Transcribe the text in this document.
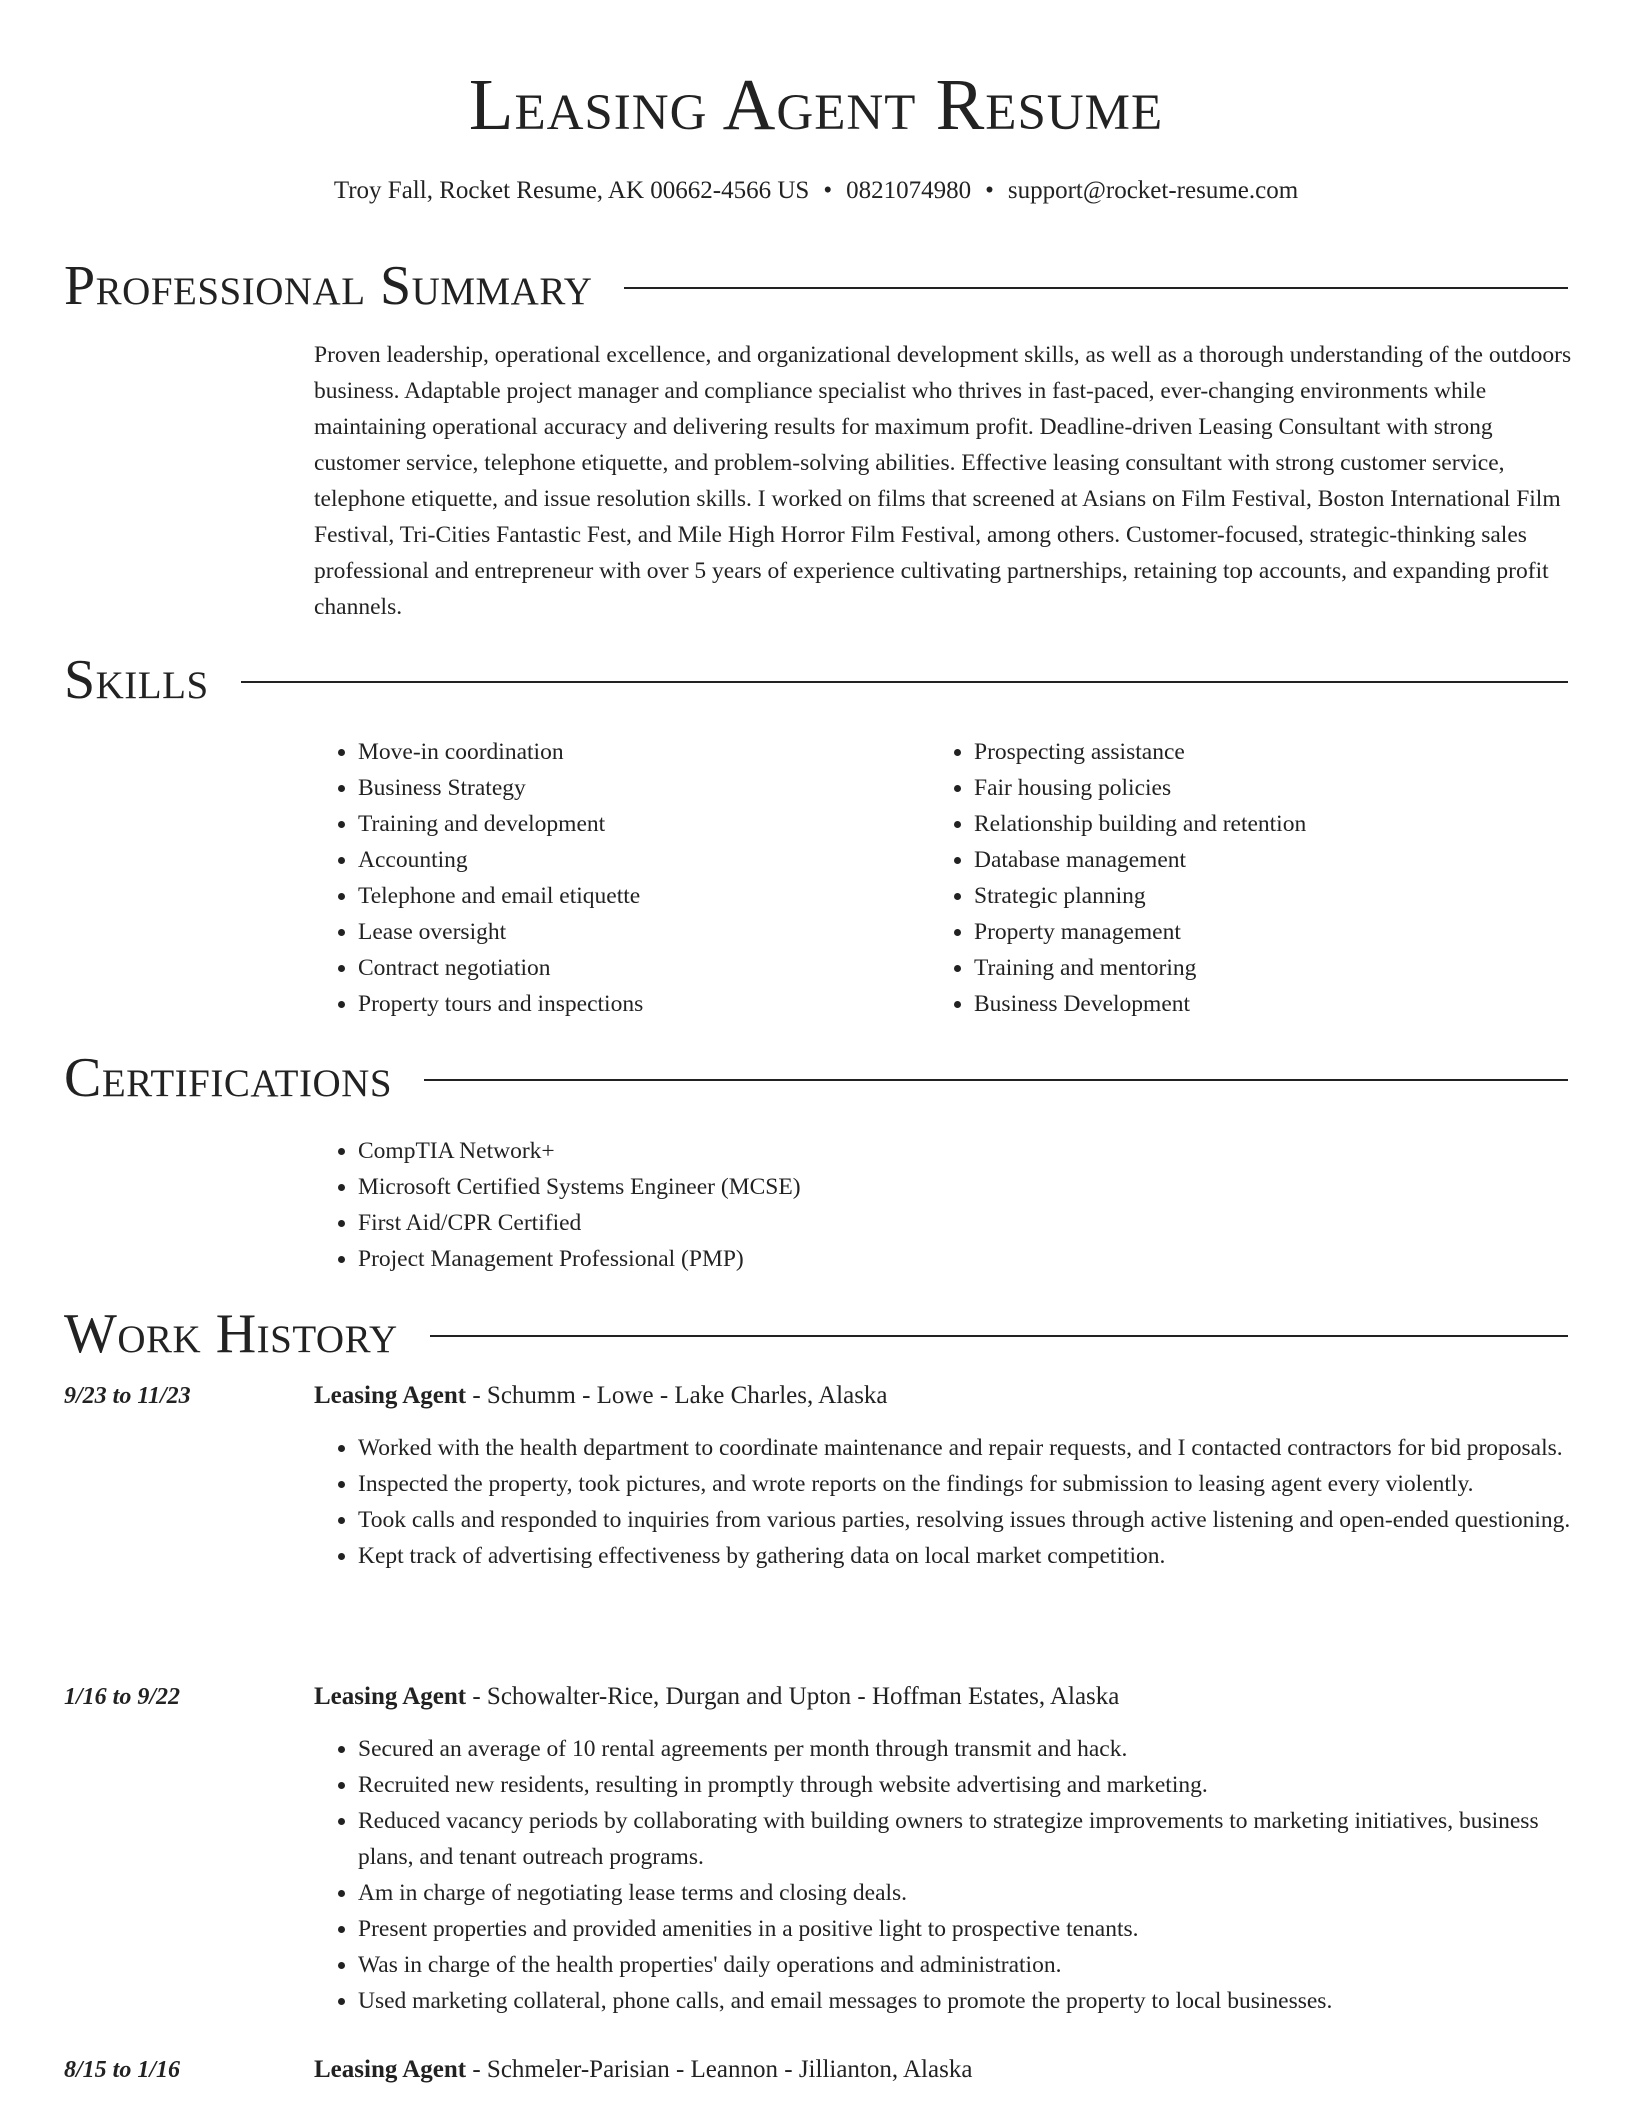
Leasing Agent Resume
Troy Fall, Rocket Resume, AK 00662-4566 US • 0821074980 • support@rocket-resume.com
Professional Summary

Proven leadership, operational excellence, and organizational development skills, as well as a thorough understanding of the outdoors business. Adaptable project manager and compliance specialist who thrives in fast-paced, ever-changing environments while maintaining operational accuracy and delivering results for maximum profit. Deadline-driven Leasing Consultant with strong customer service, telephone etiquette, and problem-solving abilities. Effective leasing consultant with strong customer service, telephone etiquette, and issue resolution skills. I worked on films that screened at Asians on Film Festival, Boston International Film Festival, Tri-Cities Fantastic Fest, and Mile High Horror Film Festival, among others. Customer-focused, strategic-thinking sales professional and entrepreneur with over 5 years of experience cultivating partnerships, retaining top accounts, and expanding profit channels.

Skills
• Move-in coordination
• Business Strategy
• Training and development
• Accounting
• Telephone and email etiquette
• Lease oversight
• Contract negotiation
• Property tours and inspections
• Prospecting assistance
• Fair housing policies
• Relationship building and retention
• Database management
• Strategic planning
• Property management
• Training and mentoring
• Business Development
Certifications
• CompTIA Network+
• Microsoft Certified Systems Engineer (MCSE)
• First Aid/CPR Certified
• Project Management Professional (PMP)
Work History
9/23 to 11/23	Leasing Agent - Schumm - Lowe - Lake Charles, Alaska
• Worked with the health department to coordinate maintenance and repair requests, and I contacted contractors for bid proposals.
• Inspected the property, took pictures, and wrote reports on the findings for submission to leasing agent every violently.
• Took calls and responded to inquiries from various parties, resolving issues through active listening and open-ended questioning.
• Kept track of advertising effectiveness by gathering data on local market competition.
1/16 to 9/22	Leasing Agent - Schowalter-Rice, Durgan and Upton - Hoffman Estates, Alaska
• Secured an average of 10 rental agreements per month through transmit and hack.
• Recruited new residents, resulting in promptly through website advertising and marketing.
• Reduced vacancy periods by collaborating with building owners to strategize improvements to marketing initiatives, business plans, and tenant outreach programs.
• Am in charge of negotiating lease terms and closing deals.
• Present properties and provided amenities in a positive light to prospective tenants.
• Was in charge of the health properties' daily operations and administration.
• Used marketing collateral, phone calls, and email messages to promote the property to local businesses.
8/15 to 1/16	Leasing Agent - Schmeler-Parisian - Leannon - Jillianton, Alaska
